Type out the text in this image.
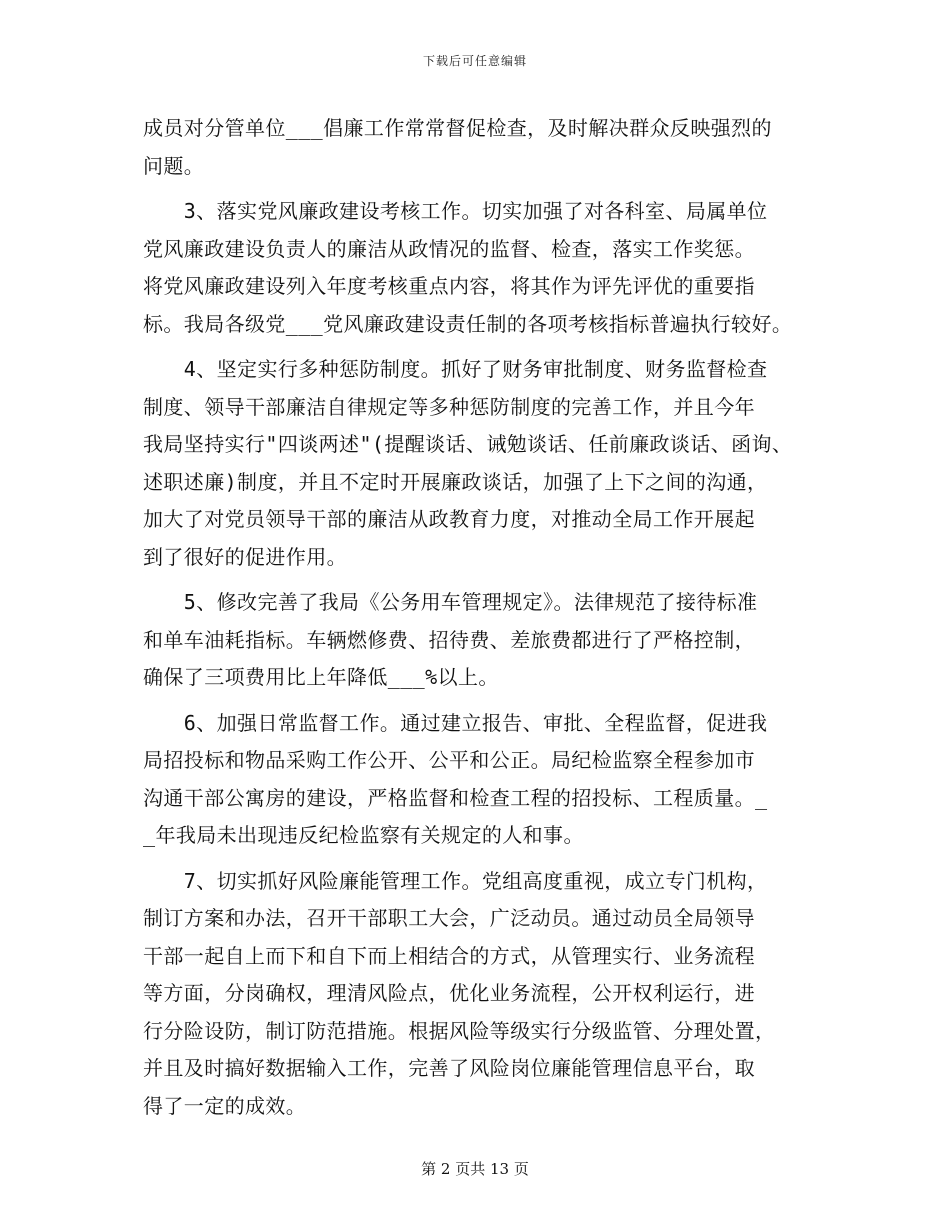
下载后可任意编辑
成员对分管单位___倡廉工作常常督促检查，及时解决群众反映强烈的
问题。
　　3、落实党风廉政建设考核工作。切实加强了对各科室、局属单位
党风廉政建设负责人的廉洁从政情况的监督、检查，落实工作奖惩。
将党风廉政建设列入年度考核重点内容，将其作为评先评优的重要指
标。我局各级党___党风廉政建设责任制的各项考核指标普遍执行较好。
　　4、坚定实行多种惩防制度。抓好了财务审批制度、财务监督检查
制度、领导干部廉洁自律规定等多种惩防制度的完善工作，并且今年
我局坚持实行"四谈两述"(提醒谈话、诫勉谈话、任前廉政谈话、函询、
述职述廉)制度，并且不定时开展廉政谈话，加强了上下之间的沟通，
加大了对党员领导干部的廉洁从政教育力度，对推动全局工作开展起
到了很好的促进作用。
　　5、修改完善了我局《公务用车管理规定》。法律规范了接待标准
和单车油耗指标。车辆燃修费、招待费、差旅费都进行了严格控制，
确保了三项费用比上年降低___%以上。
　　6、加强日常监督工作。通过建立报告、审批、全程监督，促进我
局招投标和物品采购工作公开、公平和公正。局纪检监察全程参加市
沟通干部公寓房的建设，严格监督和检查工程的招投标、工程质量。_
_年我局未出现违反纪检监察有关规定的人和事。
　　7、切实抓好风险廉能管理工作。党组高度重视，成立专门机构，
制订方案和办法，召开干部职工大会，广泛动员。通过动员全局领导
干部一起自上而下和自下而上相结合的方式，从管理实行、业务流程
等方面，分岗确权，理清风险点，优化业务流程，公开权利运行，进
行分险设防，制订防范措施。根据风险等级实行分级监管、分理处置，
并且及时搞好数据输入工作，完善了风险岗位廉能管理信息平台，取
得了一定的成效。
第 2 页共 13 页
